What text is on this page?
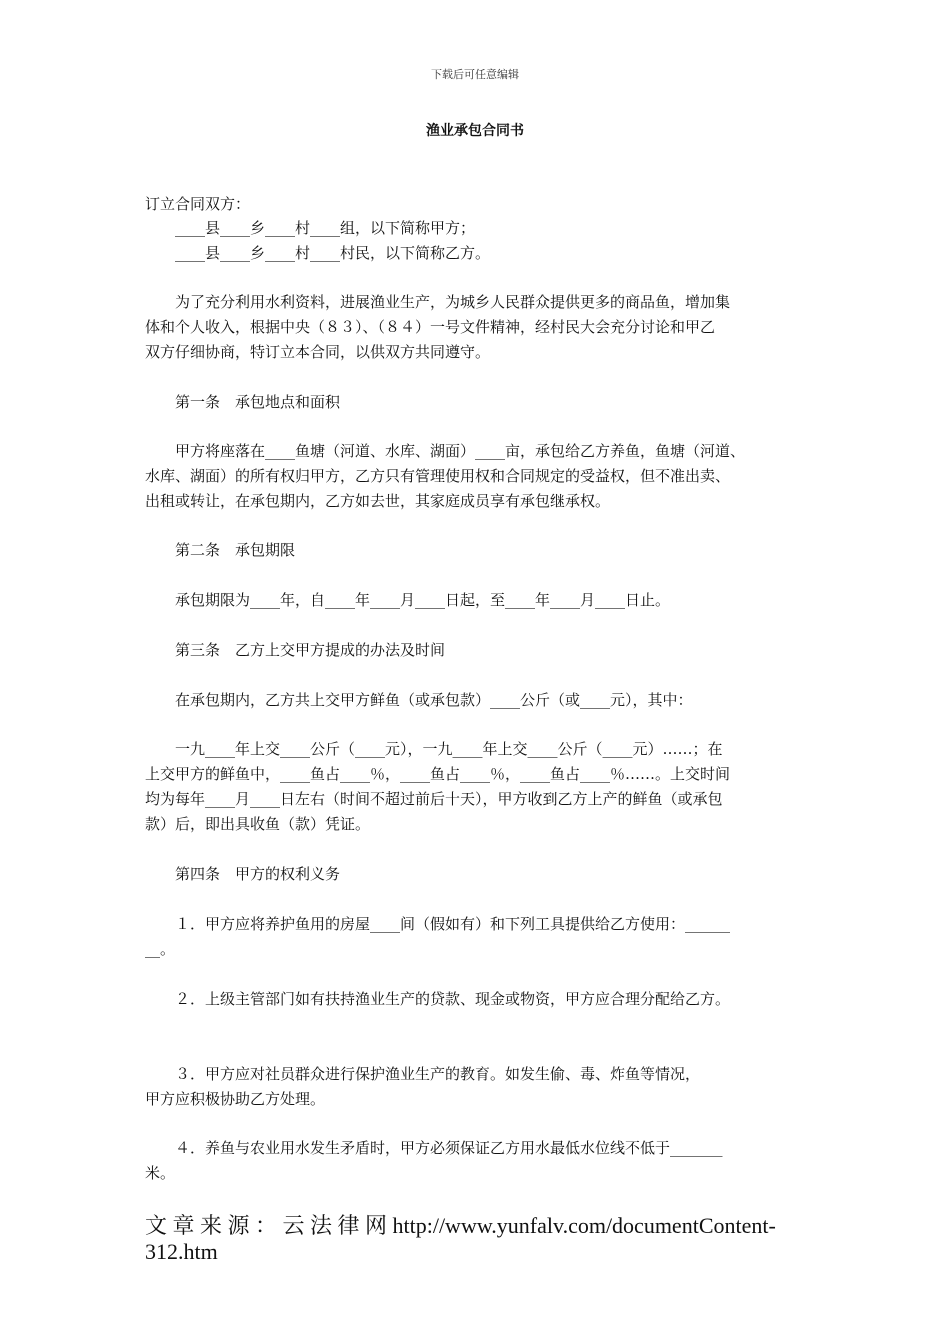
下载后可任意编辑
渔业承包合同书
订立合同双方：
　　____县____乡____村____组，以下简称甲方；
　　____县____乡____村____村民，以下简称乙方。
　　为了充分利用水利资料，进展渔业生产，为城乡人民群众提供更多的商品鱼，增加集
体和个人收入，根据中央（８３）、（８４）一号文件精神，经村民大会充分讨论和甲乙
双方仔细协商，特订立本合同，以供双方共同遵守。
　　第一条　承包地点和面积
　　甲方将座落在____鱼塘（河道、水库、湖面）____亩，承包给乙方养鱼，鱼塘（河道、
水库、湖面）的所有权归甲方，乙方只有管理使用权和合同规定的受益权，但不准出卖、
出租或转让，在承包期内，乙方如去世，其家庭成员享有承包继承权。
　　第二条　承包期限
　　承包期限为____年，自____年____月____日起，至____年____月____日止。
　　第三条　乙方上交甲方提成的办法及时间
　　在承包期内，乙方共上交甲方鲜鱼（或承包款）____公斤（或____元），其中：
　　一九____年上交____公斤（____元），一九____年上交____公斤（____元）……；在
上交甲方的鲜鱼中，____鱼占____％，____鱼占____％，____鱼占____％……。上交时间
均为每年____月____日左右（时间不超过前后十天），甲方收到乙方上产的鲜鱼（或承包
款）后，即出具收鱼（款）凭证。
　　第四条　甲方的权利义务
　　１．甲方应将养护鱼用的房屋____间（假如有）和下列工具提供给乙方使用：______
__。
　　２．上级主管部门如有扶持渔业生产的贷款、现金或物资，甲方应合理分配给乙方。
　　３．甲方应对社员群众进行保护渔业生产的教育。如发生偷、毒、炸鱼等情况，
甲方应积极协助乙方处理。
　　４．养鱼与农业用水发生矛盾时，甲方必须保证乙方用水最低水位线不低于_______
米。
文 章 来 源 ： 云 法 律 网 http://www.yunfalv.com/documentContent-
312.htm
